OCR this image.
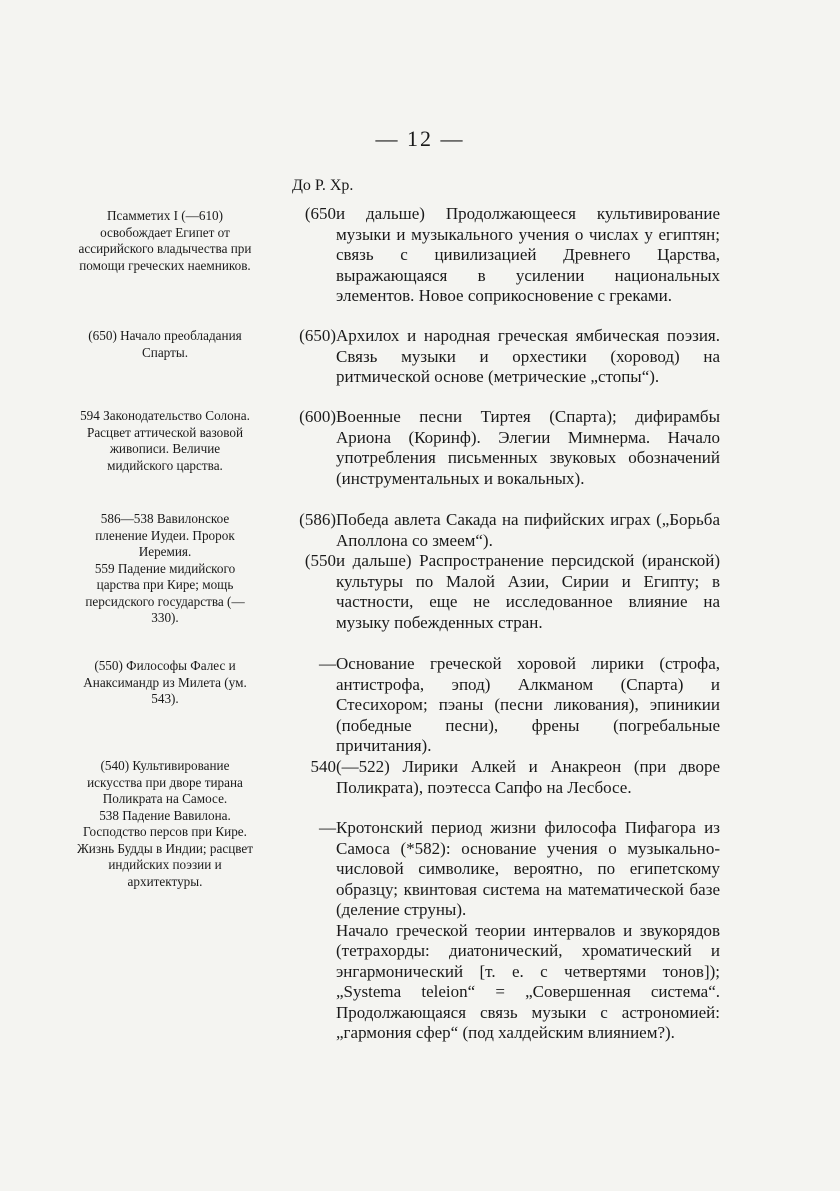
— 12 —
До Р. Хр.

Псамметих I (—610) освобождает Египет от ассирийского владычества при помощи греческих наемников.

(650) Начало преобладания Спарты.

594 Законодательство Солона. Расцвет аттической вазовой живописи. Величие мидийского царства.

586—538 Вавилонское пленение Иудеи. Пророк Иеремия.

559 Падение мидийского царства при Кире; мощь персидского государства (—330).

(550) Философы Фалес и Анаксимандр из Милета (ум. 543).

(540) Культивирование искусства при дворе тирана Поликрата на Самосе.

538 Падение Вавилона. Господство персов при Кире.

Жизнь Будды в Индии; расцвет индийских поэзии и архитектуры.

(650 и дальше) Продолжающееся культивирование музыки и музыкального учения о числах у египтян; связь с цивилизацией Древнего Царства, выражающаяся в усилении национальных элементов. Новое соприкосновение с греками.

(650) Архилох и народная греческая ямбическая поэзия. Связь музыки и орхестики (хоровод) на ритмической основе (метрические „стопы“).

(600) Военные песни Тиртея (Спарта); дифирамбы Ариона (Коринф). Элегии Мимнерма. Начало употребления письменных звуковых обозначений (инструментальных и вокальных).

(586) Победа авлета Сакада на пифийских играх („Борьба Аполлона со змеем“).

(550 и дальше) Распространение персидской (иранской) культуры по Малой Азии, Сирии и Египту; в частности, еще не исследованное влияние на музыку побежденных стран.

— Основание греческой хоровой лирики (строфа, антистрофа, эпод) Алкманом (Спарта) и Стесихором; пэаны (песни ликования), эпиникии (победные песни), френы (погребальные причитания).

540 (—522) Лирики Алкей и Анакреон (при дворе Поликрата), поэтесса Сапфо на Лесбосе.

— Кротонский период жизни философа Пифагора из Самоса (*582): основание учения о музыкально-числовой символике, вероятно, по египетскому образцу; квинтовая система на математической базе (деление струны).

Начало греческой теории интервалов и звукорядов (тетрахорды: диатонический, хроматический и энгармонический [т. е. с четвертями тонов]); „Systema teleion“ = „Совершенная система“. Продолжающаяся связь музыки с астрономией: „гармония сфер“ (под халдейским влиянием?).
